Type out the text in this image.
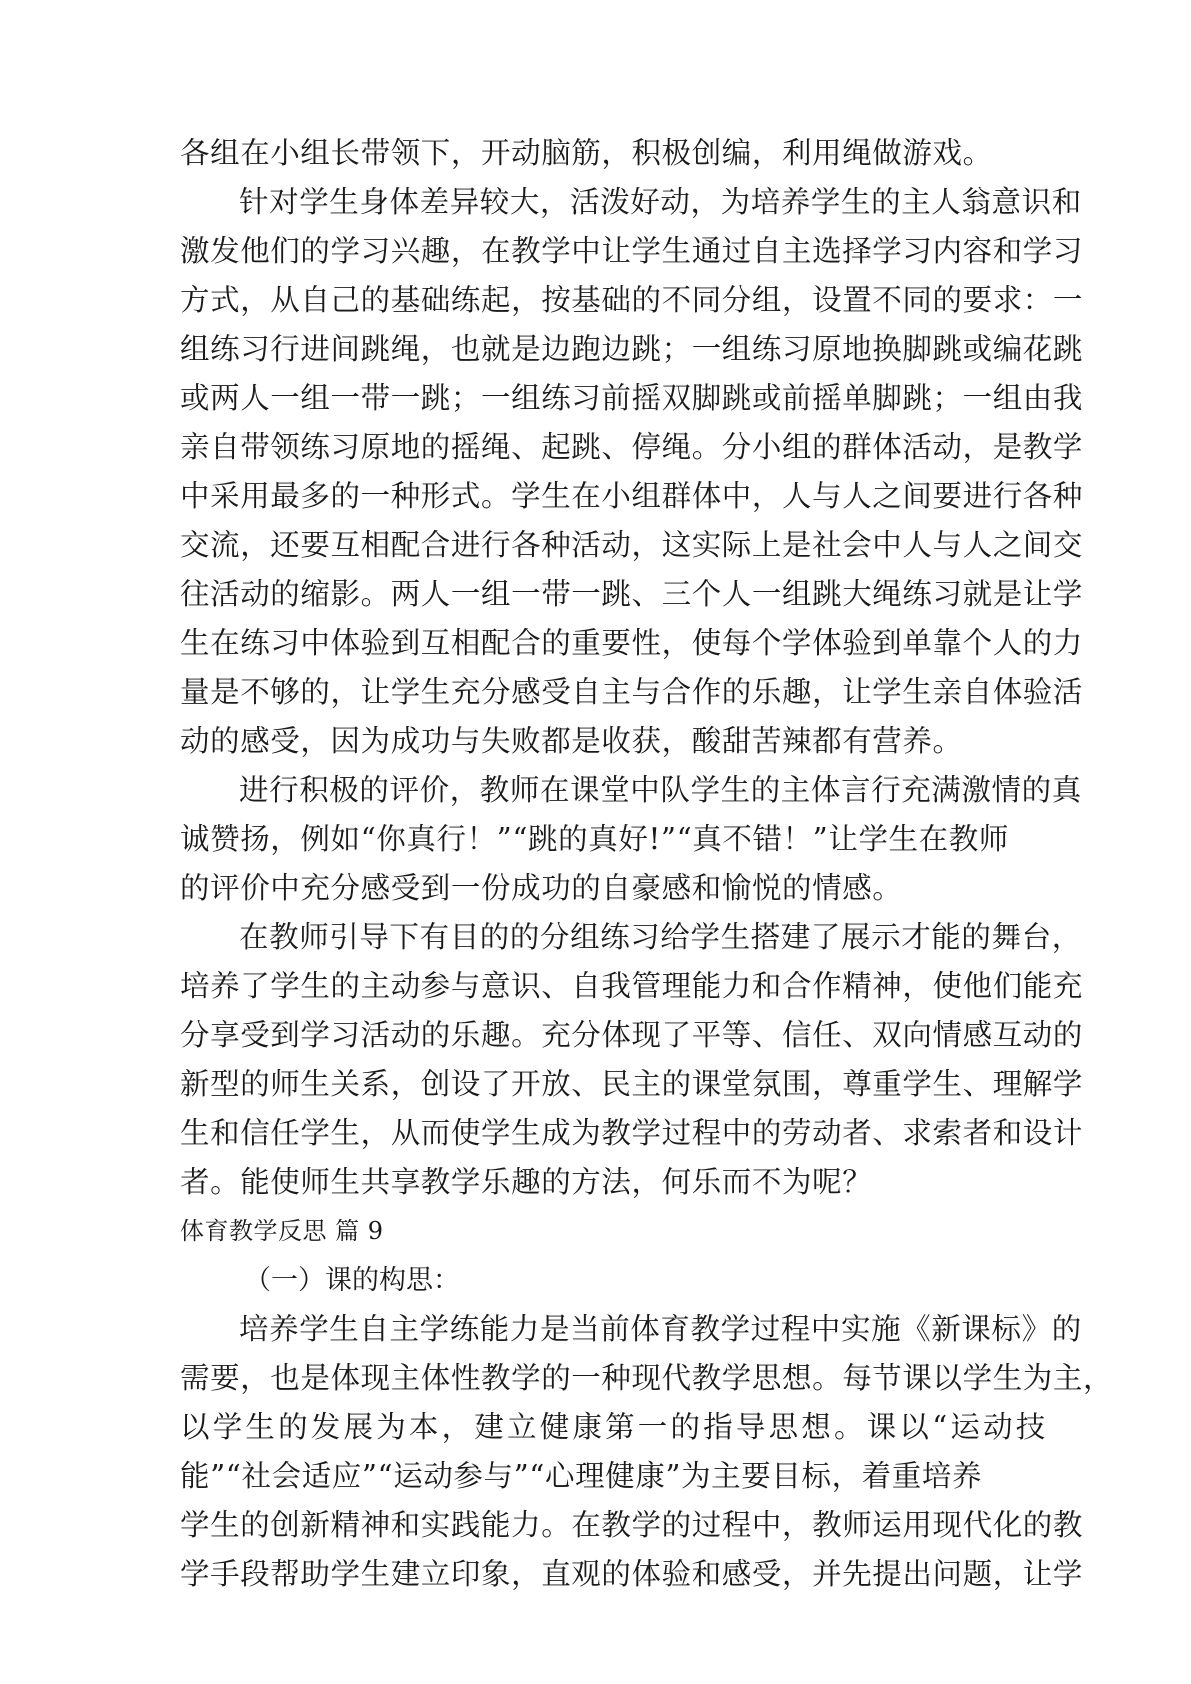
各组在小组长带领下，开动脑筋，积极创编，利用绳做游戏。

针对学生身体差异较大，活泼好动，为培养学生的主人翁意识和
激发他们的学习兴趣，在教学中让学生通过自主选择学习内容和学习
方式，从自己的基础练起，按基础的不同分组，设置不同的要求：一
组练习行进间跳绳，也就是边跑边跳；一组练习原地换脚跳或编花跳
或两人一组一带一跳；一组练习前摇双脚跳或前摇单脚跳；一组由我
亲自带领练习原地的摇绳、起跳、停绳。分小组的群体活动，是教学
中采用最多的一种形式。学生在小组群体中，人与人之间要进行各种
交流，还要互相配合进行各种活动，这实际上是社会中人与人之间交
往活动的缩影。两人一组一带一跳、三个人一组跳大绳练习就是让学
生在练习中体验到互相配合的重要性，使每个学体验到单靠个人的力
量是不够的，让学生充分感受自主与合作的乐趣，让学生亲自体验活
动的感受，因为成功与失败都是收获，酸甜苦辣都有营养。

进行积极的评价，教师在课堂中队学生的主体言行充满激情的真
诚赞扬，例如“你真行！”“跳的真好!”“真不错！”让学生在教师
的评价中充分感受到一份成功的自豪感和愉悦的情感。

在教师引导下有目的的分组练习给学生搭建了展示才能的舞台，
培养了学生的主动参与意识、自我管理能力和合作精神，使他们能充
分享受到学习活动的乐趣。充分体现了平等、信任、双向情感互动的
新型的师生关系，创设了开放、民主的课堂氛围，尊重学生、理解学
生和信任学生，从而使学生成为教学过程中的劳动者、求索者和设计
者。能使师生共享教学乐趣的方法，何乐而不为呢？

体育教学反思 篇 9

（一）课的构思：

培养学生自主学练能力是当前体育教学过程中实施《新课标》的
需要，也是体现主体性教学的一种现代教学思想。每节课以学生为主，
以学生的发展为本，建立健康第一的指导思想。课以“运动技
能”“社会适应”“运动参与”“心理健康”为主要目标，着重培养
学生的创新精神和实践能力。在教学的过程中，教师运用现代化的教
学手段帮助学生建立印象，直观的体验和感受，并先提出问题，让学
